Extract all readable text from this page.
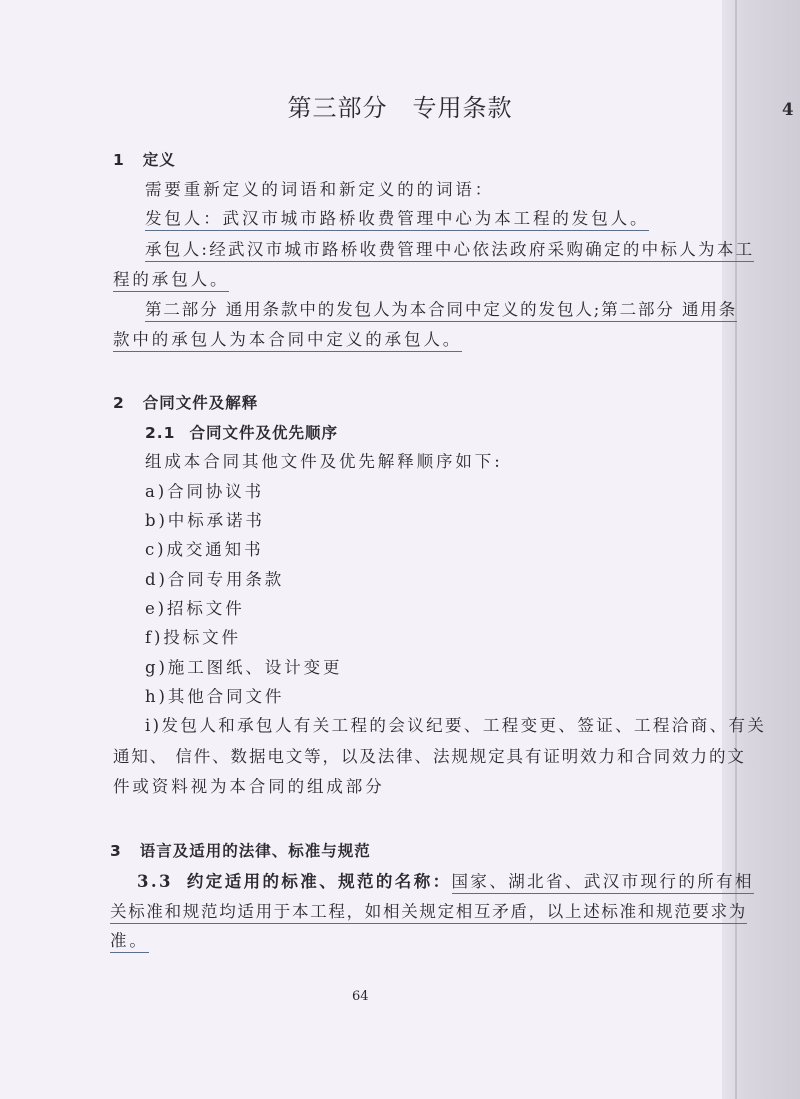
4
第三部分　专用条款
1 定义
需要重新定义的词语和新定义的的词语：
发包人：武汉市城市路桥收费管理中心为本工程的发包人。
承包人:经武汉市城市路桥收费管理中心依法政府采购确定的中标人为本工
程的承包人。
第二部分 通用条款中的发包人为本合同中定义的发包人;第二部分 通用条
款中的承包人为本合同中定义的承包人。
2 合同文件及解释
2.1 合同文件及优先顺序
组成本合同其他文件及优先解释顺序如下:
a)合同协议书
b)中标承诺书
c)成交通知书
d)合同专用条款
e)招标文件
f)投标文件
g)施工图纸、设计变更
h)其他合同文件
i)发包人和承包人有关工程的会议纪要、工程变更、签证、工程洽商、有关
通知、 信件、数据电文等，以及法律、法规规定具有证明效力和合同效力的文
件或资料视为本合同的组成部分
3 语言及适用的法律、标准与规范
3.3 约定适用的标准、规范的名称：国家、湖北省、武汉市现行的所有相
关标准和规范均适用于本工程，如相关规定相互矛盾，以上述标准和规范要求为
准。
64
